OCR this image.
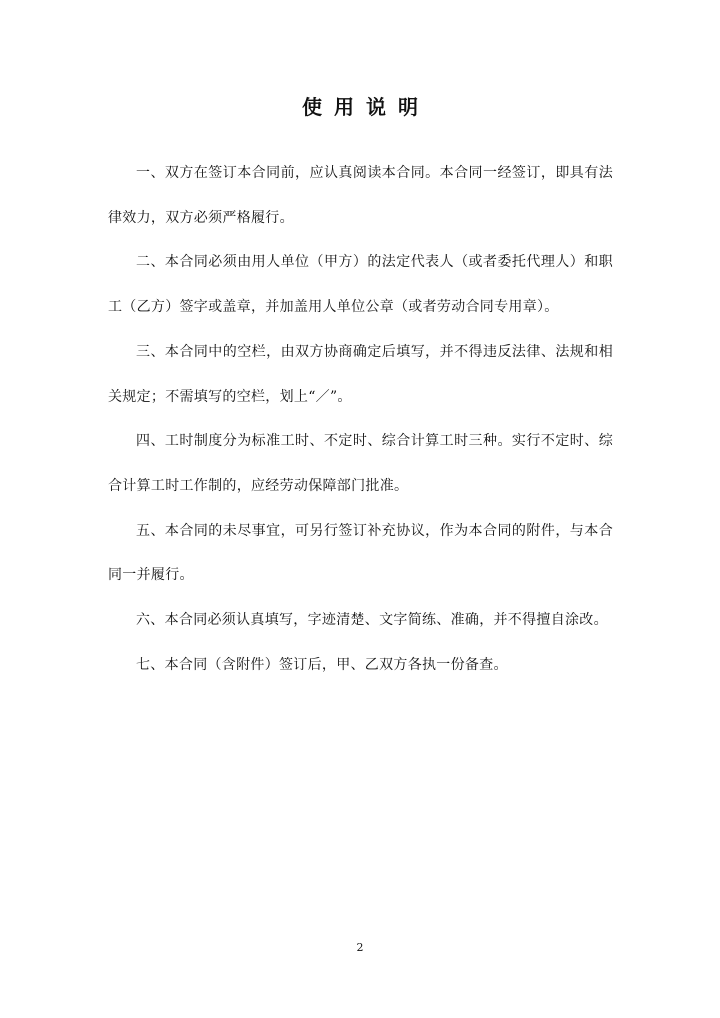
使用说明

一、双方在签订本合同前，应认真阅读本合同。本合同一经签订，即具有法律效力，双方必须严格履行。

二、本合同必须由用人单位（甲方）的法定代表人（或者委托代理人）和职工（乙方）签字或盖章，并加盖用人单位公章（或者劳动合同专用章）。

三、本合同中的空栏，由双方协商确定后填写，并不得违反法律、法规和相关规定；不需填写的空栏，划上“／”。

四、工时制度分为标准工时、不定时、综合计算工时三种。实行不定时、综合计算工时工作制的，应经劳动保障部门批准。

五、本合同的未尽事宜，可另行签订补充协议，作为本合同的附件，与本合同一并履行。

六、本合同必须认真填写，字迹清楚、文字简练、准确，并不得擅自涂改。

七、本合同（含附件）签订后，甲、乙双方各执一份备查。

2
